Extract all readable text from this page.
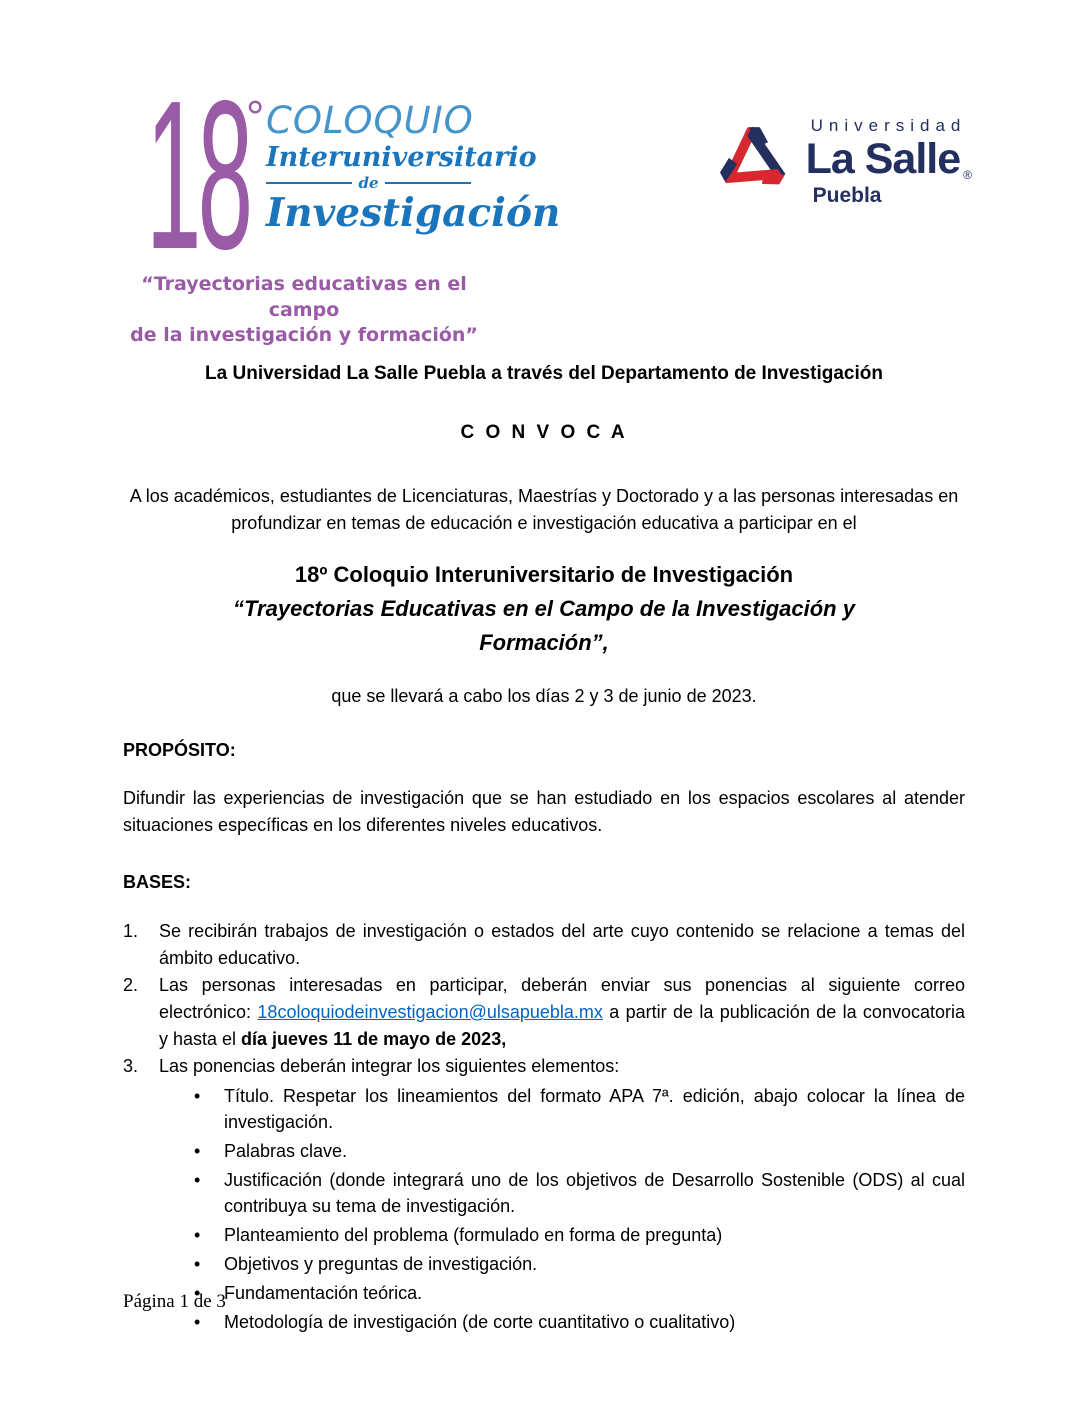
18
° COLOQUIO
Interuniversitario
de
Investigación
“Trayectorias educativas en el campo
de la investigación y formación”
Universidad
La Salle ®
Puebla
La Universidad La Salle Puebla a través del Departamento de Investigación
C O N V O C A
A los académicos, estudiantes de Licenciaturas, Maestrías y Doctorado y a las personas interesadas en profundizar en temas de educación e investigación educativa a participar en el
18º Coloquio Interuniversitario de Investigación
“Trayectorias Educativas en el Campo de la Investigación y
Formación”,
que se llevará a cabo los días 2 y 3 de junio de 2023.
PROPÓSITO:
Difundir las experiencias de investigación que se han estudiado en los espacios escolares al atender situaciones específicas en los diferentes niveles educativos.
BASES:
1.	Se recibirán trabajos de investigación o estados del arte cuyo contenido se relacione a temas del ámbito educativo.
2.	Las personas interesadas en participar, deberán enviar sus ponencias al siguiente correo electrónico: 18coloquiodeinvestigacion@ulsapuebla.mx a partir de la publicación de la convocatoria y hasta el día jueves 11 de mayo de 2023,
3.	Las ponencias deberán integrar los siguientes elementos:
•
Título. Respetar los lineamientos del formato APA 7ª. edición, abajo colocar la línea de investigación.
•
Palabras clave.
•
Justificación (donde integrará uno de los objetivos de Desarrollo Sostenible (ODS) al cual contribuya su tema de investigación.
•
Planteamiento del problema (formulado en forma de pregunta)
•
Objetivos y preguntas de investigación.
•
Fundamentación teórica.
•
Metodología de investigación (de corte cuantitativo o cualitativo)
Página 1 de 3
